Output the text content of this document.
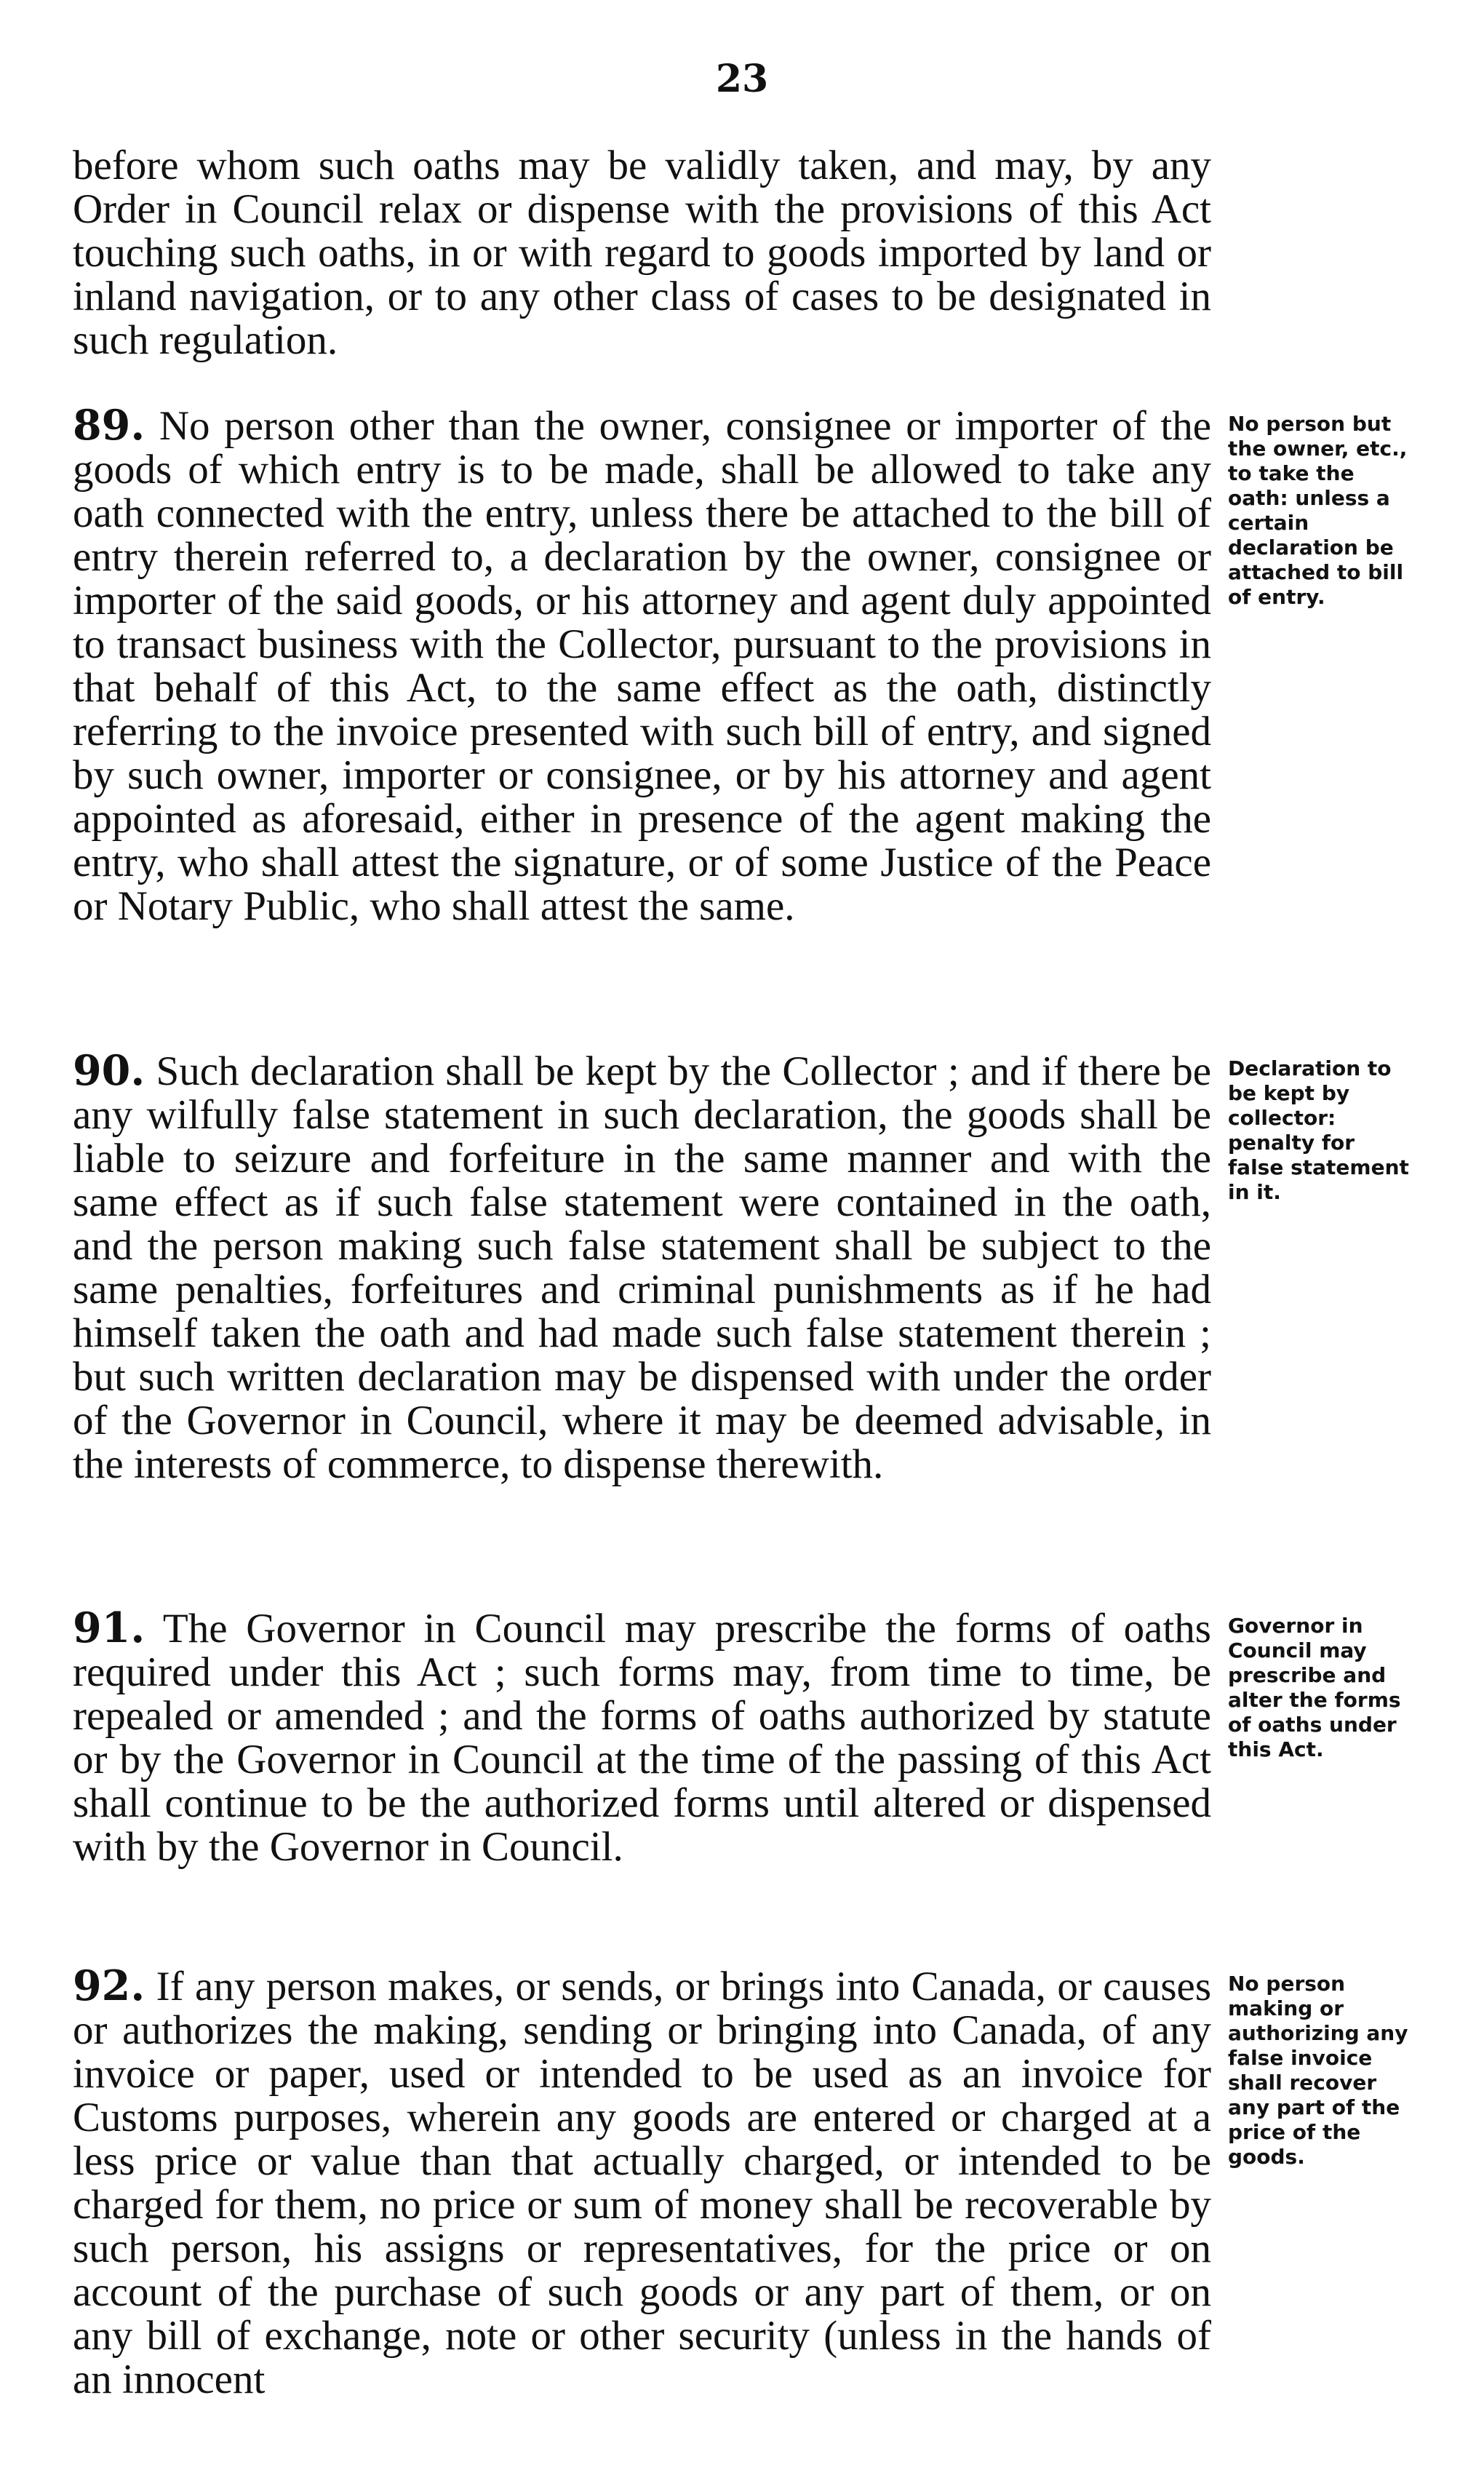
23

before whom such oaths may be validly taken, and may, by any Order in Council relax or dispense with the provisions of this Act touching such oaths, in or with regard to goods imported by land or inland navigation, or to any other class of cases to be designated in such regulation.

89. No person other than the owner, consignee or importer of the goods of which entry is to be made, shall be allowed to take any oath connected with the entry, unless there be attached to the bill of entry therein referred to, a declaration by the owner, consignee or importer of the said goods, or his attorney and agent duly appointed to transact business with the Collector, pursuant to the provisions in that behalf of this Act, to the same effect as the oath, distinctly referring to the invoice presented with such bill of entry, and signed by such owner, importer or consignee, or by his attorney and agent appointed as aforesaid, either in presence of the agent making the entry, who shall attest the signature, or of some Justice of the Peace or Notary Public, who shall attest the same.

No person but the owner, etc., to take the oath: unless a certain declaration be attached to bill of entry.

90. Such declaration shall be kept by the Collector ; and if there be any wilfully false statement in such declaration, the goods shall be liable to seizure and forfeiture in the same manner and with the same effect as if such false statement were contained in the oath, and the person making such false statement shall be subject to the same penalties, forfeitures and criminal punishments as if he had himself taken the oath and had made such false statement therein ; but such written declaration may be dispensed with under the order of the Governor in Council, where it may be deemed advisable, in the interests of commerce, to dispense therewith.

Declaration to be kept by collector: penalty for false statement in it.

91. The Governor in Council may prescribe the forms of oaths required under this Act ; such forms may, from time to time, be repealed or amended ; and the forms of oaths authorized by statute or by the Governor in Council at the time of the passing of this Act shall continue to be the authorized forms until altered or dispensed with by the Governor in Council.

Governor in Council may prescribe and alter the forms of oaths under this Act.

92. If any person makes, or sends, or brings into Canada, or causes or authorizes the making, sending or bringing into Canada, of any invoice or paper, used or intended to be used as an invoice for Customs purposes, wherein any goods are entered or charged at a less price or value than that actually charged, or intended to be charged for them, no price or sum of money shall be recoverable by such person, his assigns or representatives, for the price or on account of the purchase of such goods or any part of them, or on any bill of exchange, note or other security (unless in the hands of an innocent

No person making or authorizing any false invoice shall recover any part of the price of the goods.
